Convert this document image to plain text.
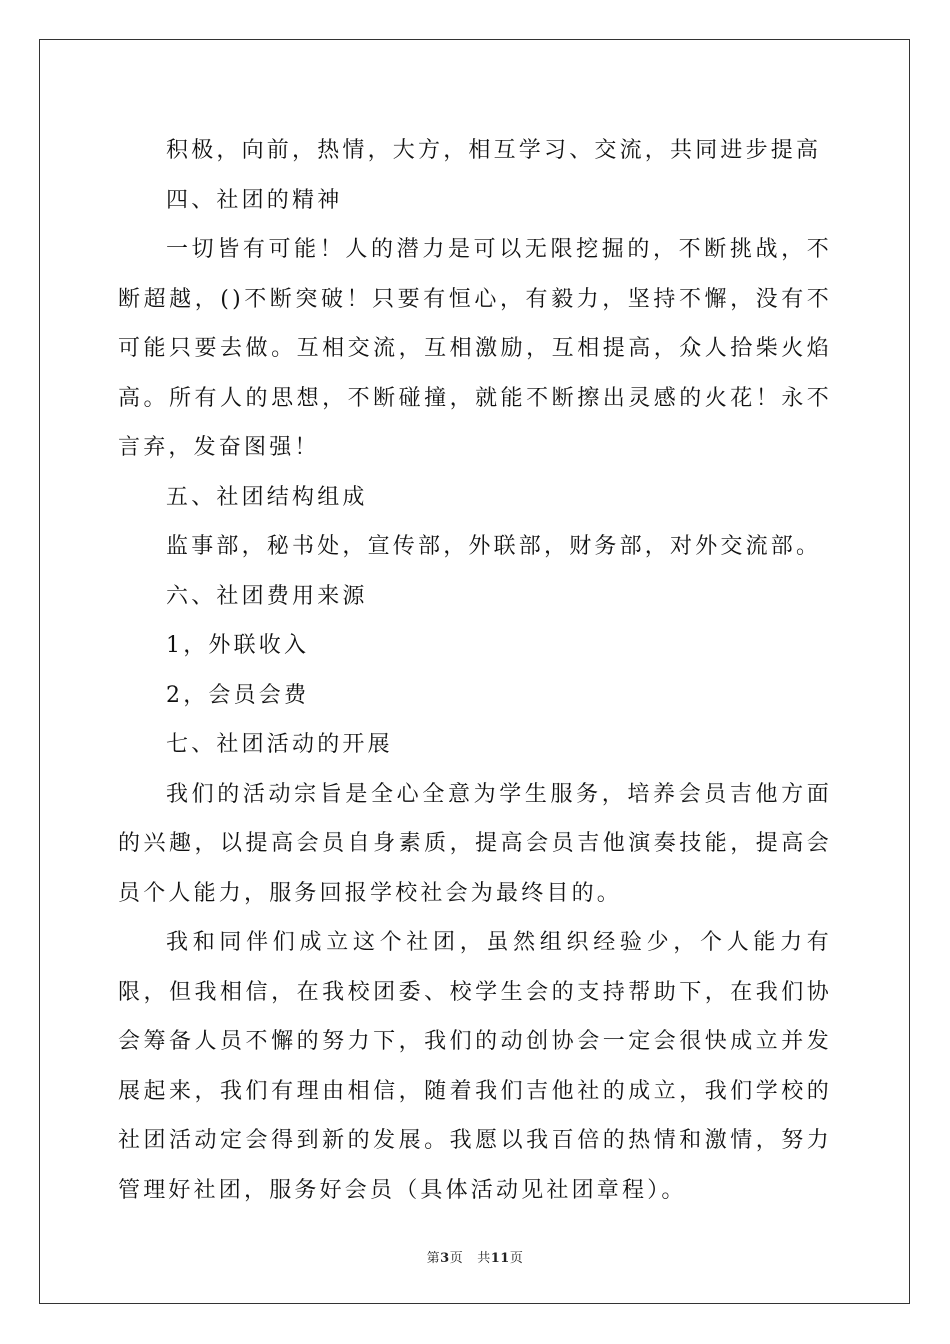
积极，向前，热情，大方，相互学习、交流，共同进步提高

四、社团的精神

一切皆有可能！人的潜力是可以无限挖掘的，不断挑战，不断超越，()不断突破！只要有恒心，有毅力，坚持不懈，没有不可能只要去做。互相交流，互相激励，互相提高，众人拾柴火焰高。所有人的思想，不断碰撞，就能不断擦出灵感的火花！永不言弃，发奋图强！

五、社团结构组成

监事部，秘书处，宣传部，外联部，财务部，对外交流部。

六、社团费用来源

1，外联收入

2，会员会费

七、社团活动的开展

我们的活动宗旨是全心全意为学生服务，培养会员吉他方面的兴趣，以提高会员自身素质，提高会员吉他演奏技能，提高会员个人能力，服务回报学校社会为最终目的。

我和同伴们成立这个社团，虽然组织经验少，个人能力有限，但我相信，在我校团委、校学生会的支持帮助下，在我们协会筹备人员不懈的努力下，我们的动创协会一定会很快成立并发展起来，我们有理由相信，随着我们吉他社的成立，我们学校的社团活动定会得到新的发展。我愿以我百倍的热情和激情，努力管理好社团，服务好会员（具体活动见社团章程）。

第3页 共11页
